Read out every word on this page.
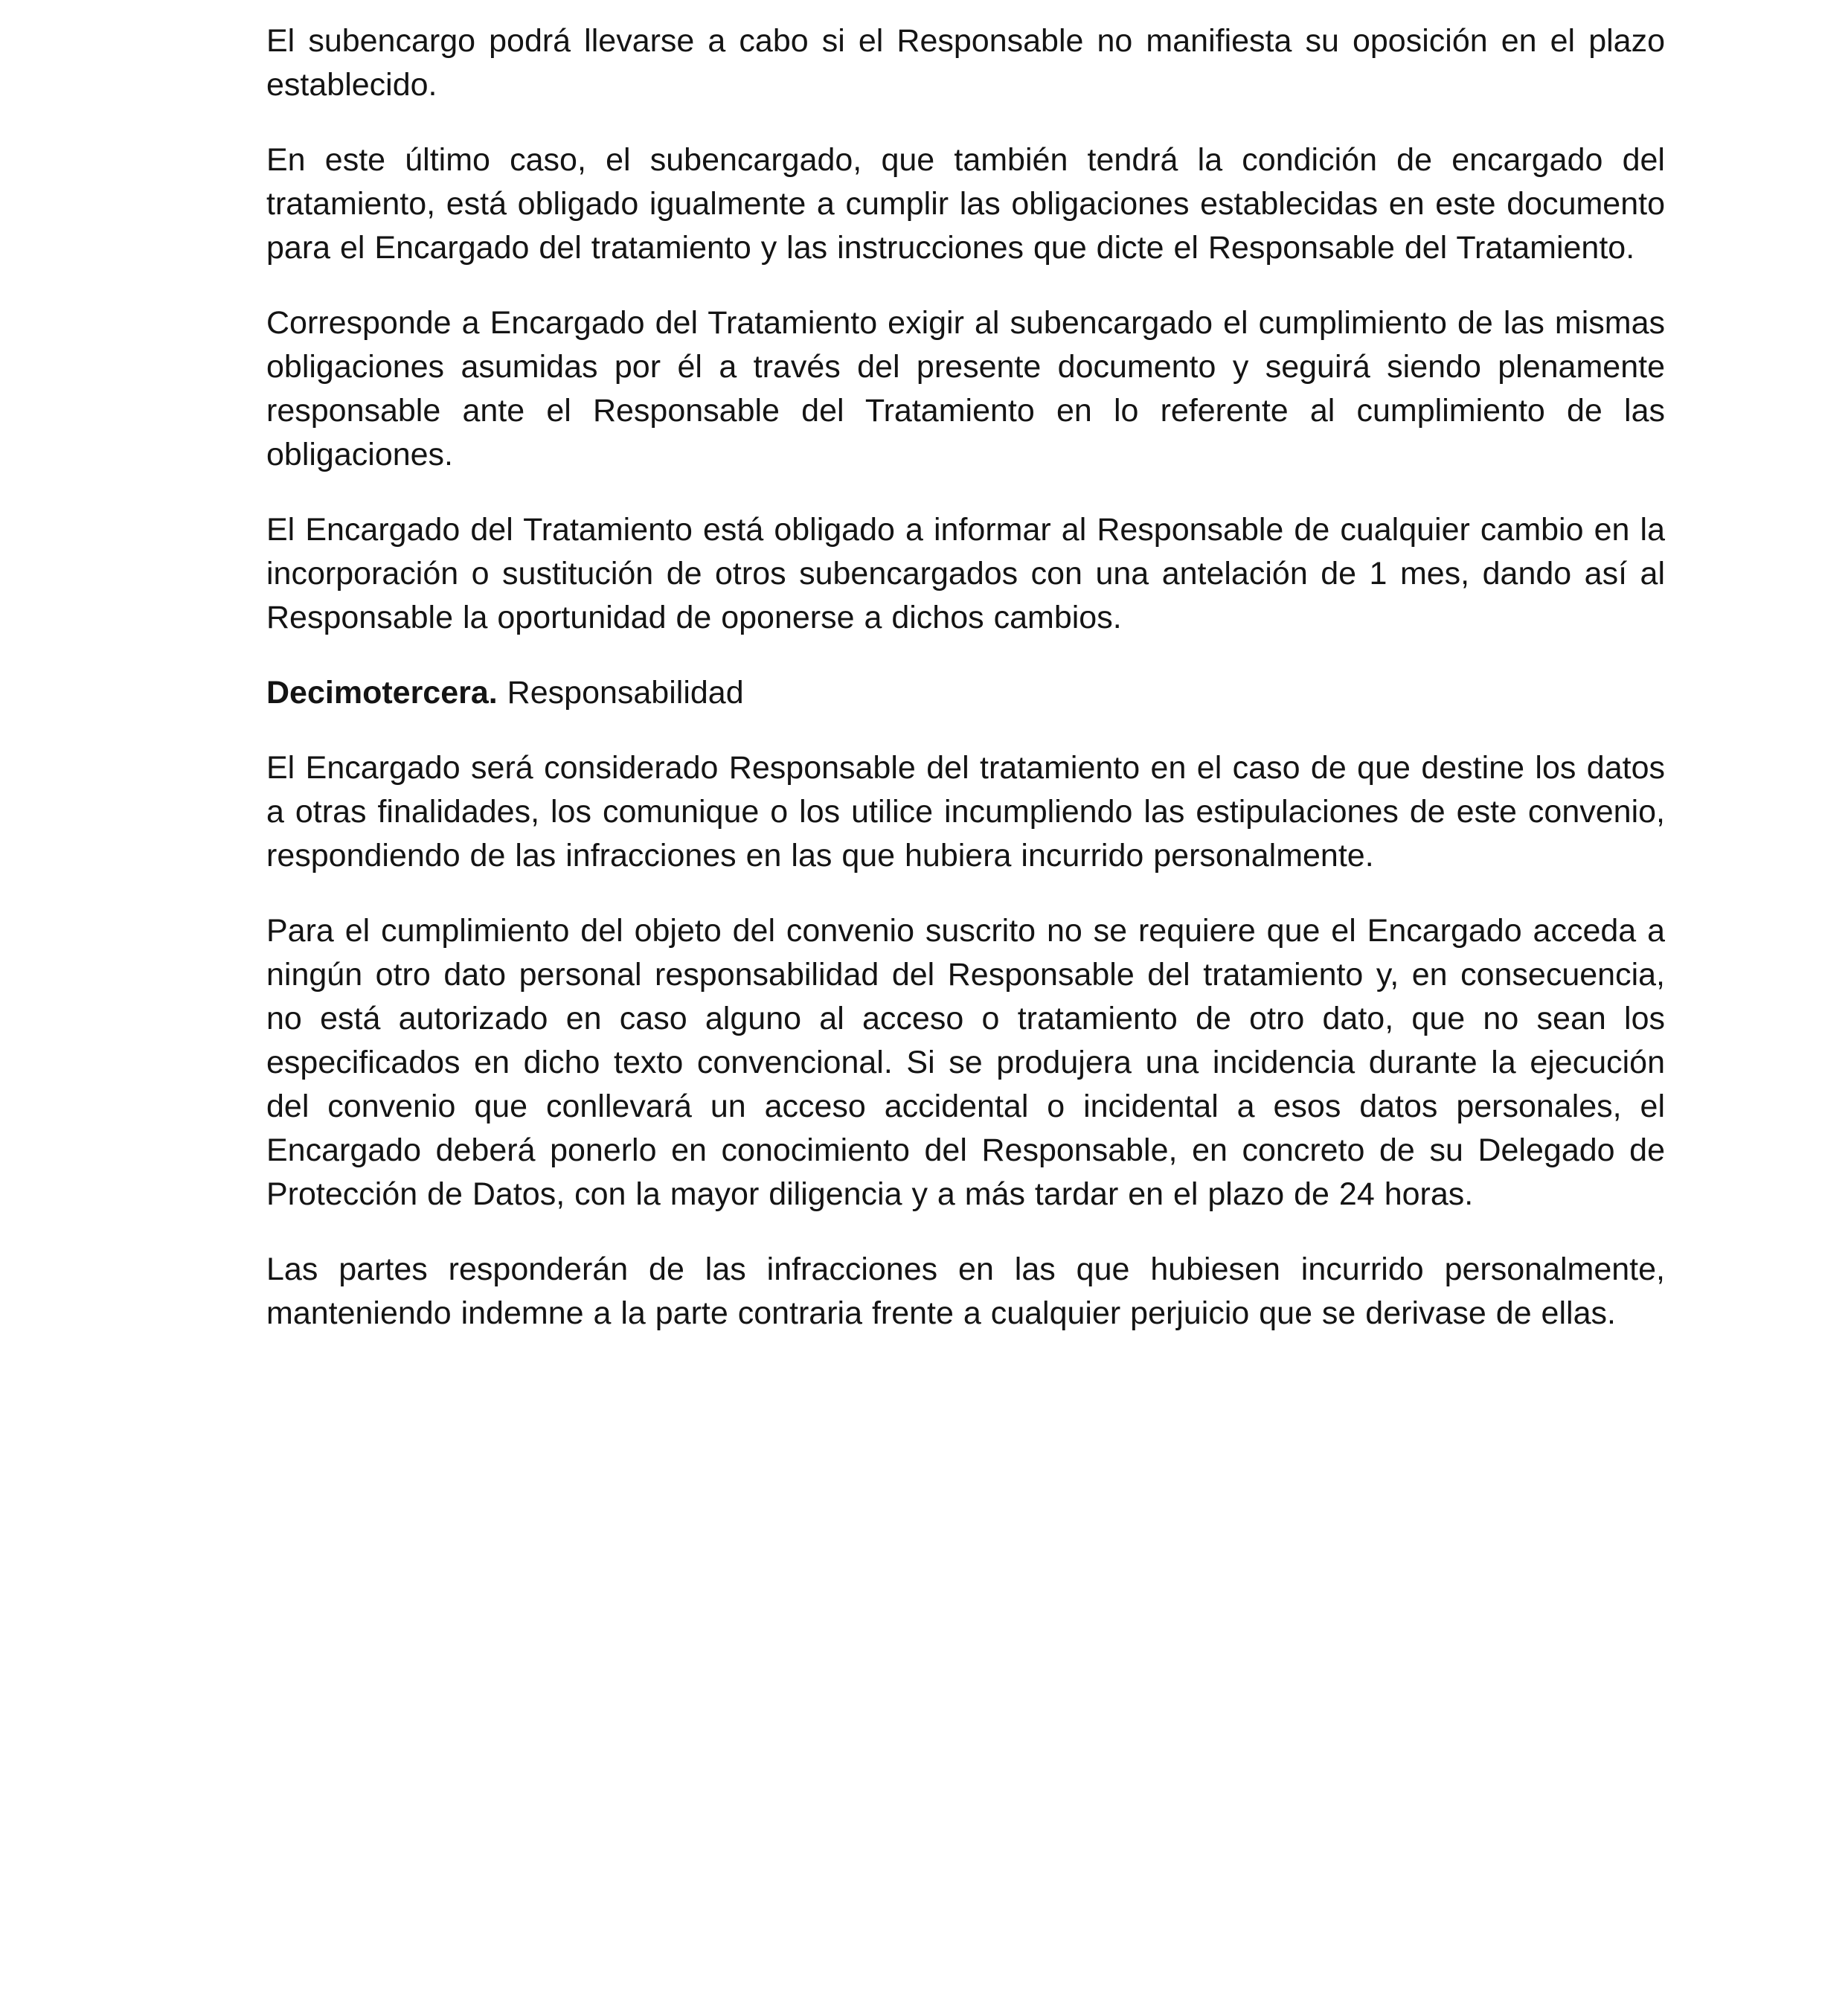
El subencargo podrá llevarse a cabo si el Responsable no manifiesta su oposición en el plazo establecido.

En este último caso, el subencargado, que también tendrá la condición de encargado del tratamiento, está obligado igualmente a cumplir las obligaciones establecidas en este documento para el Encargado del tratamiento y las instrucciones que dicte el Responsable del Tratamiento.

Corresponde a Encargado del Tratamiento exigir al subencargado el cumplimiento de las mismas obligaciones asumidas por él a través del presente documento y seguirá siendo plenamente responsable ante el Responsable del Tratamiento en lo referente al cumplimiento de las obligaciones.

El Encargado del Tratamiento está obligado a informar al Responsable de cualquier cambio en la incorporación o sustitución de otros subencargados con una antelación de 1 mes, dando así al Responsable la oportunidad de oponerse a dichos cambios.

Decimotercera. Responsabilidad

El Encargado será considerado Responsable del tratamiento en el caso de que destine los datos a otras finalidades, los comunique o los utilice incumpliendo las estipulaciones de este convenio, respondiendo de las infracciones en las que hubiera incurrido personalmente.

Para el cumplimiento del objeto del convenio suscrito no se requiere que el Encargado acceda a ningún otro dato personal responsabilidad del Responsable del tratamiento y, en consecuencia, no está autorizado en caso alguno al acceso o tratamiento de otro dato, que no sean los especificados en dicho texto convencional. Si se produjera una incidencia durante la ejecución del convenio que conllevará un acceso accidental o incidental a esos datos personales, el Encargado deberá ponerlo en conocimiento del Responsable, en concreto de su Delegado de Protección de Datos, con la mayor diligencia y a más tardar en el plazo de 24 horas.

Las partes responderán de las infracciones en las que hubiesen incurrido personalmente, manteniendo indemne a la parte contraria frente a cualquier perjuicio que se derivase de ellas.
